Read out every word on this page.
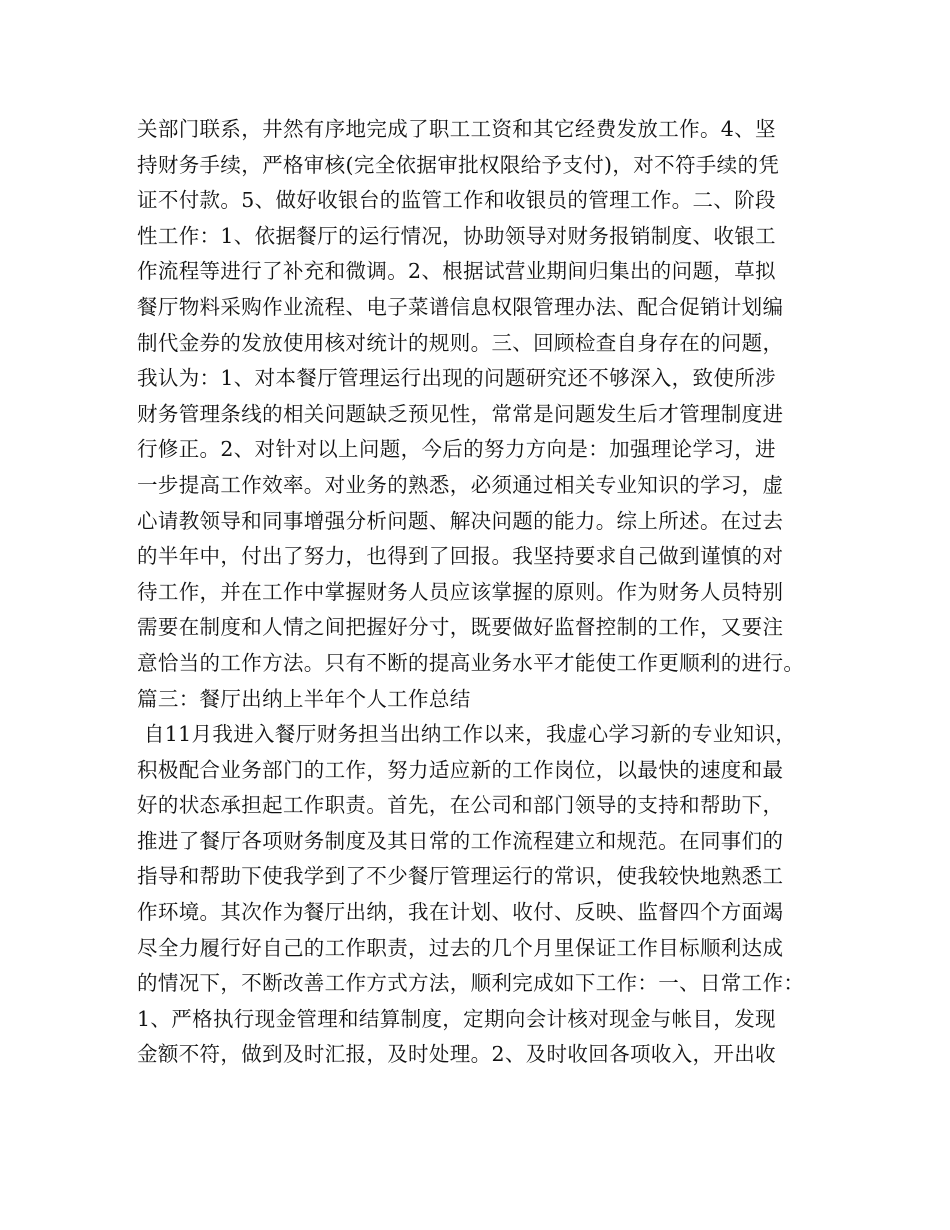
关部门联系，井然有序地完成了职工工资和其它经费发放工作。4、坚
持财务手续，严格审核(完全依据审批权限给予支付)，对不符手续的凭
证不付款。5、做好收银台的监管工作和收银员的管理工作。二、阶段
性工作：1、依据餐厅的运行情况，协助领导对财务报销制度、收银工
作流程等进行了补充和微调。2、根据试营业期间归集出的问题，草拟
餐厅物料采购作业流程、电子菜谱信息权限管理办法、配合促销计划编
制代金券的发放使用核对统计的规则。三、回顾检查自身存在的问题，
我认为：1、对本餐厅管理运行出现的问题研究还不够深入，致使所涉
财务管理条线的相关问题缺乏预见性，常常是问题发生后才管理制度进
行修正。2、对针对以上问题，今后的努力方向是：加强理论学习，进
一步提高工作效率。对业务的熟悉，必须通过相关专业知识的学习，虚
心请教领导和同事增强分析问题、解决问题的能力。综上所述。在过去
的半年中，付出了努力，也得到了回报。我坚持要求自己做到谨慎的对
待工作，并在工作中掌握财务人员应该掌握的原则。作为财务人员特别
需要在制度和人情之间把握好分寸，既要做好监督控制的工作，又要注
意恰当的工作方法。只有不断的提高业务水平才能使工作更顺利的进行。
篇三：餐厅出纳上半年个人工作总结
自11月我进入餐厅财务担当出纳工作以来，我虚心学习新的专业知识，
积极配合业务部门的工作，努力适应新的工作岗位，以最快的速度和最
好的状态承担起工作职责。首先，在公司和部门领导的支持和帮助下，
推进了餐厅各项财务制度及其日常的工作流程建立和规范。在同事们的
指导和帮助下使我学到了不少餐厅管理运行的常识，使我较快地熟悉工
作环境。其次作为餐厅出纳，我在计划、收付、反映、监督四个方面竭
尽全力履行好自己的工作职责，过去的几个月里保证工作目标顺利达成
的情况下，不断改善工作方式方法，顺利完成如下工作：一、日常工作：
1、严格执行现金管理和结算制度，定期向会计核对现金与帐目，发现
金额不符，做到及时汇报，及时处理。2、及时收回各项收入，开出收
